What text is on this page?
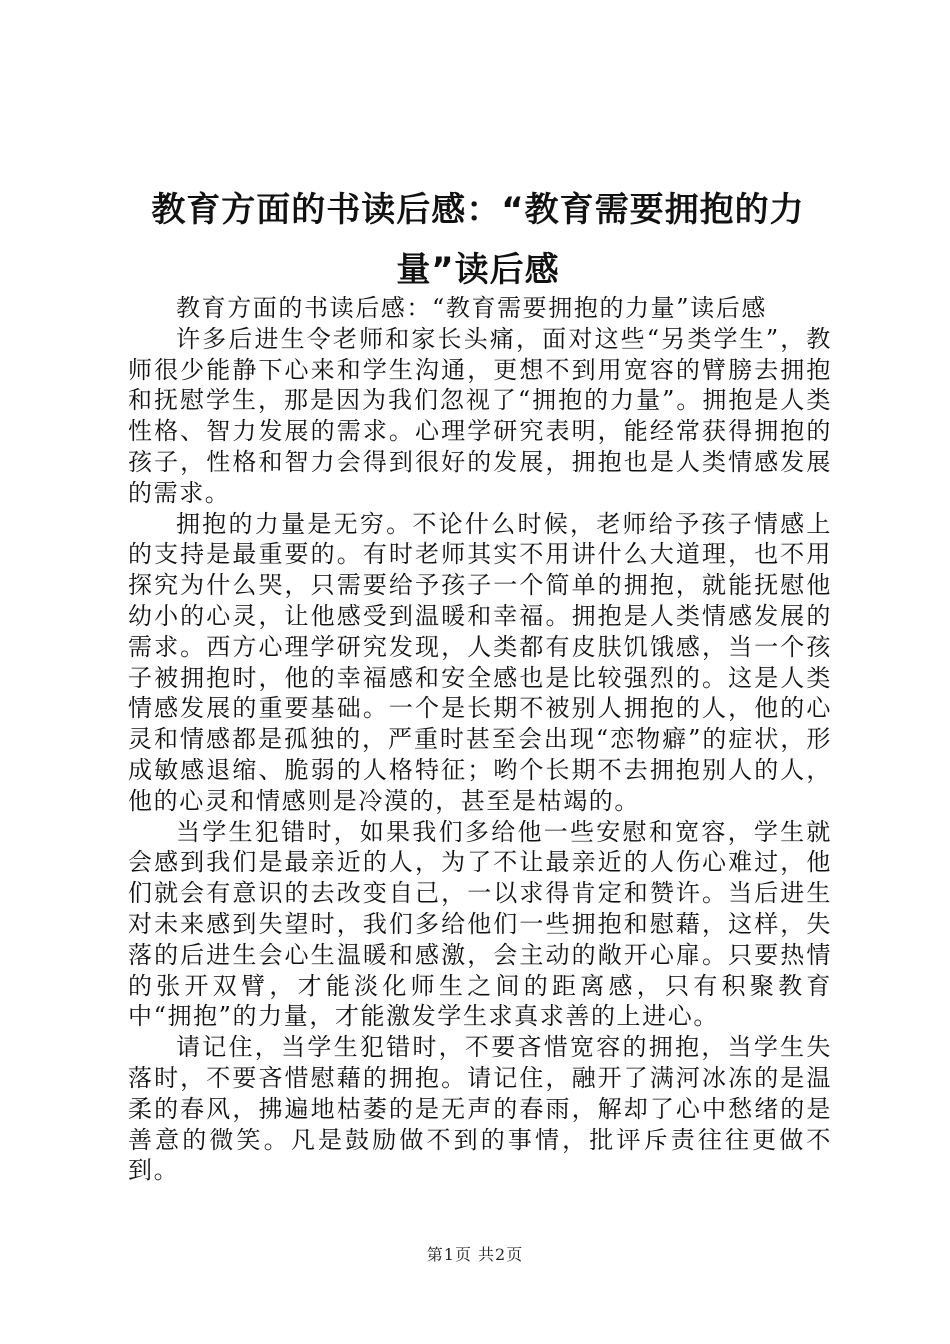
教育方面的书读后感：“教育需要拥抱的力量”读后感

教育方面的书读后感：“教育需要拥抱的力量”读后感

许多后进生令老师和家长头痛，面对这些“另类学生”，教师很少能静下心来和学生沟通，更想不到用宽容的臂膀去拥抱和抚慰学生，那是因为我们忽视了“拥抱的力量”。拥抱是人类性格、智力发展的需求。心理学研究表明，能经常获得拥抱的孩子，性格和智力会得到很好的发展，拥抱也是人类情感发展的需求。

拥抱的力量是无穷。不论什么时候，老师给予孩子情感上的支持是最重要的。有时老师其实不用讲什么大道理，也不用探究为什么哭，只需要给予孩子一个简单的拥抱，就能抚慰他幼小的心灵，让他感受到温暖和幸福。拥抱是人类情感发展的需求。西方心理学研究发现，人类都有皮肤饥饿感，当一个孩子被拥抱时，他的幸福感和安全感也是比较强烈的。这是人类情感发展的重要基础。一个是长期不被别人拥抱的人，他的心灵和情感都是孤独的，严重时甚至会出现“恋物癖”的症状，形成敏感退缩、脆弱的人格特征；哟个长期不去拥抱别人的人，他的心灵和情感则是冷漠的，甚至是枯竭的。

当学生犯错时，如果我们多给他一些安慰和宽容，学生就会感到我们是最亲近的人，为了不让最亲近的人伤心难过，他们就会有意识的去改变自己，一以求得肯定和赞许。当后进生对未来感到失望时，我们多给他们一些拥抱和慰藉，这样，失落的后进生会心生温暖和感激，会主动的敞开心扉。只要热情的张开双臂，才能淡化师生之间的距离感，只有积聚教育中“拥抱”的力量，才能激发学生求真求善的上进心。

请记住，当学生犯错时，不要吝惜宽容的拥抱，当学生失落时，不要吝惜慰藉的拥抱。请记住，融开了满河冰冻的是温柔的春风，拂遍地枯萎的是无声的春雨，解却了心中愁绪的是善意的微笑。凡是鼓励做不到的事情，批评斥责往往更做不到。

第1页 共2页
